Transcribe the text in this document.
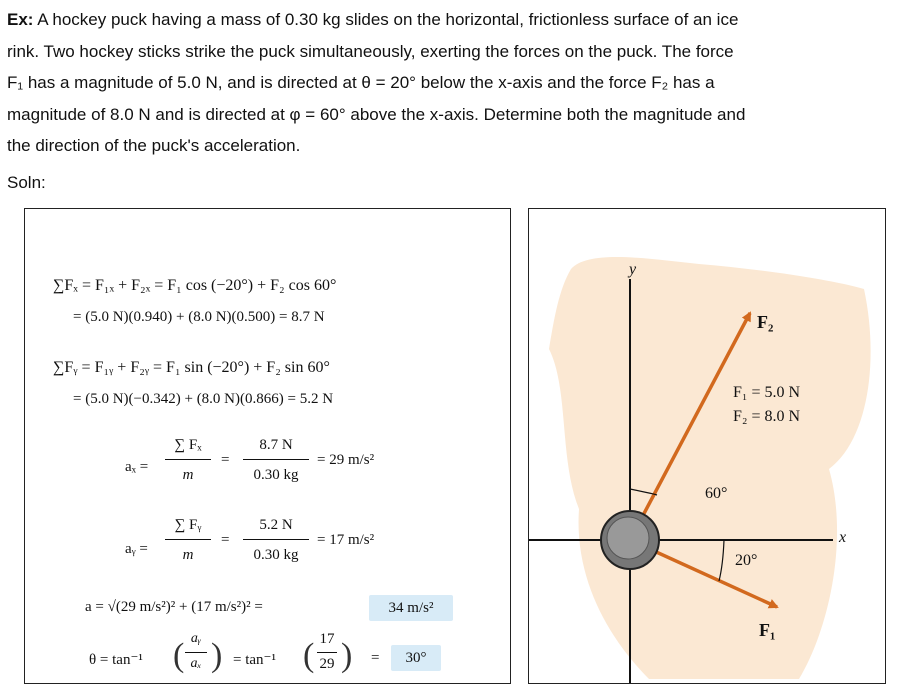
Ex: A hockey puck having a mass of 0.30 kg slides on the horizontal, frictionless surface of an ice

rink. Two hockey sticks strike the puck simultaneously, exerting the forces on the puck. The force

F₁ has a magnitude of 5.0 N, and is directed at θ = 20° below the x-axis and the force F₂ has a

magnitude of 8.0 N and is directed at φ = 60° above the x-axis. Determine both the magnitude and

the direction of the puck's acceleration.

Soln:
∑Fₓ = F₁ₓ + F₂ₓ = F₁ cos (−20°) + F₂ cos 60°
= (5.0 N)(0.940) + (8.0 N)(0.500) = 8.7 N
∑Fᵧ = F₁ᵧ + F₂ᵧ = F₁ sin (−20°) + F₂ sin 60°
= (5.0 N)(−0.342) + (8.0 N)(0.866) = 5.2 N
aₓ =
∑ Fₓ
m
=
8.7 N
0.30 kg
= 29 m/s²
aᵧ =
∑ Fᵧ
m
=
5.2 N
0.30 kg
= 17 m/s²
a = √(29 m/s²)² + (17 m/s²)² =	34 m/s²
θ = tan⁻¹ ( aᵧ
aₓ ) = tan⁻¹ ( 17
29 ) =	30°
y
x
F₂
F₁
F₁ = 5.0 N
F₂ = 8.0 N
60°
20°
